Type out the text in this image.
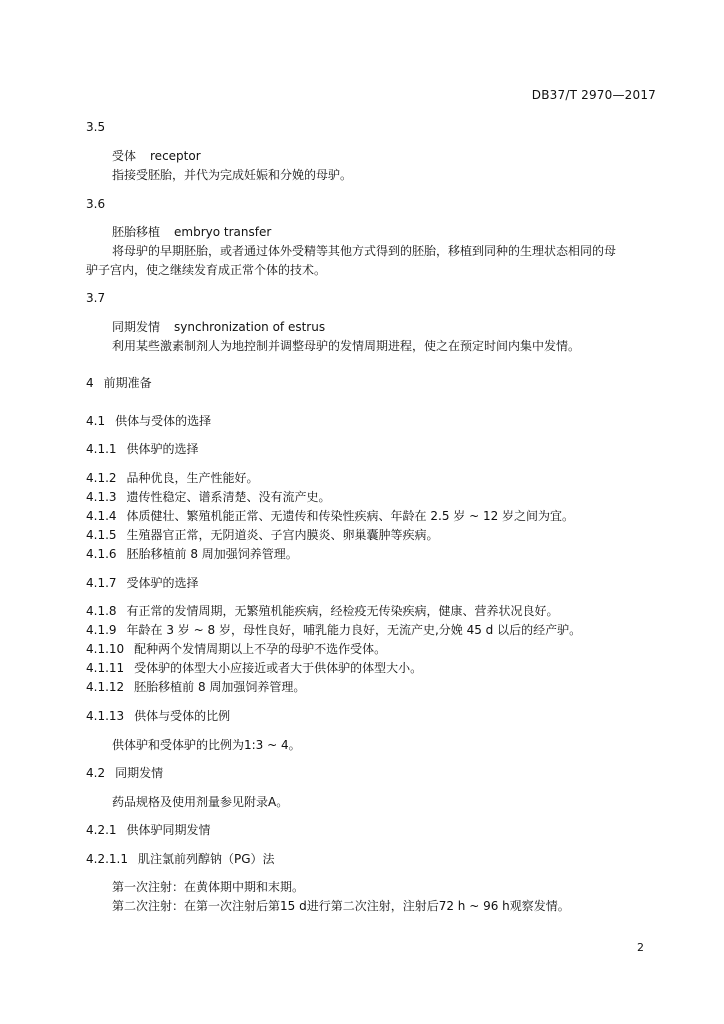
DB37/T 2970—2017
3.5
受体 receptor
指接受胚胎，并代为完成妊娠和分娩的母驴。
3.6
胚胎移植 embryo transfer
将母驴的早期胚胎，或者通过体外受精等其他方式得到的胚胎，移植到同种的生理状态相同的母
驴子宫内，使之继续发育成正常个体的技术。
3.7
同期发情 synchronization of estrus
利用某些激素制剂人为地控制并调整母驴的发情周期进程，使之在预定时间内集中发情。
4 前期准备
4.1 供体与受体的选择
4.1.1 供体驴的选择
4.1.2 品种优良，生产性能好。
4.1.3 遗传性稳定、谱系清楚、没有流产史。
4.1.4 体质健壮、繁殖机能正常、无遗传和传染性疾病、年龄在 2.5 岁 ~ 12 岁之间为宜。
4.1.5 生殖器官正常，无阴道炎、子宫内膜炎、卵巢囊肿等疾病。
4.1.6 胚胎移植前 8 周加强饲养管理。
4.1.7 受体驴的选择
4.1.8 有正常的发情周期，无繁殖机能疾病，经检疫无传染疾病，健康、营养状况良好。
4.1.9 年龄在 3 岁 ~ 8 岁，母性良好，哺乳能力良好，无流产史,分娩 45 d 以后的经产驴。
4.1.10 配种两个发情周期以上不孕的母驴不选作受体。
4.1.11 受体驴的体型大小应接近或者大于供体驴的体型大小。
4.1.12 胚胎移植前 8 周加强饲养管理。
4.1.13 供体与受体的比例
供体驴和受体驴的比例为1:3 ~ 4。
4.2 同期发情
药品规格及使用剂量参见附录A。
4.2.1 供体驴同期发情
4.2.1.1 肌注氯前列醇钠（PG）法
第一次注射：在黄体期中期和末期。
第二次注射：在第一次注射后第15 d进行第二次注射，注射后72 h ~ 96 h观察发情。
2
